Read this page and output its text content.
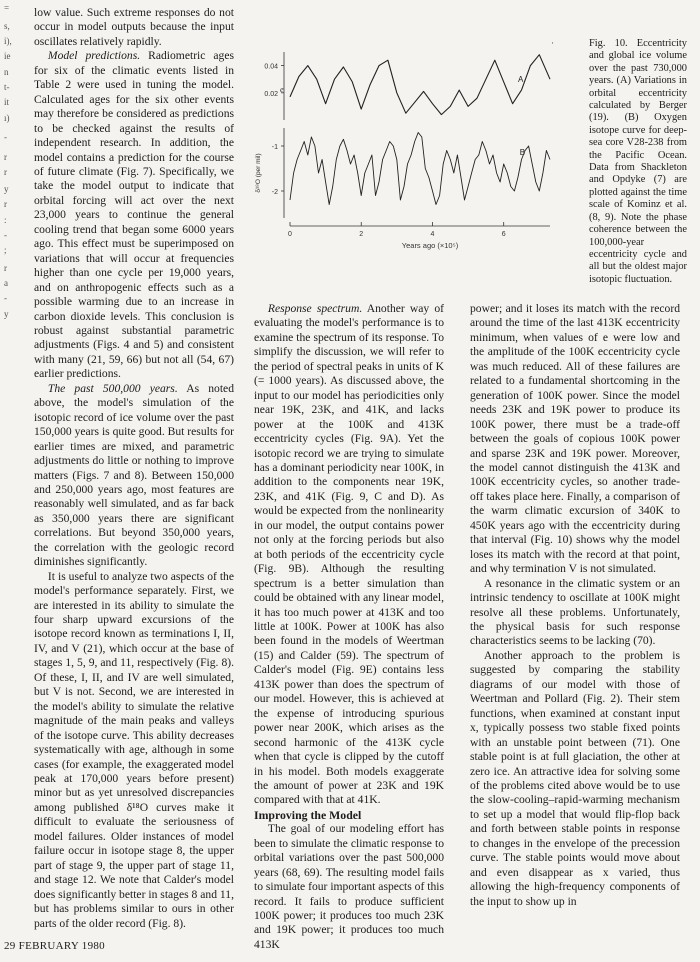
=
s,
i),
ie
n
t-
it
ı)
-
r
r
y
r
:
-
;
r
a
-
y

low value. Such extreme responses do not occur in model outputs because the input oscillates relatively rapidly.

Model predictions. Radiometric ages for six of the climatic events listed in Table 2 were used in tuning the model. Calculated ages for the six other events may therefore be considered as predictions to be checked against the results of independent research. In addition, the model contains a prediction for the course of future climate (Fig. 7). Specifically, we take the model output to indicate that orbital forcing will act over the next 23,000 years to continue the general cooling trend that began some 6000 years ago. This effect must be superimposed on variations that will occur at frequencies higher than one cycle per 19,000 years, and on anthropogenic effects such as a possible warming due to an increase in carbon dioxide levels. This conclusion is robust against substantial parametric adjustments (Figs. 4 and 5) and consistent with many (21, 59, 66) but not all (54, 67) earlier predictions.

The past 500,000 years. As noted above, the model's simulation of the isotopic record of ice volume over the past 150,000 years is quite good. But results for earlier times are mixed, and parametric adjustments do little or nothing to improve matters (Figs. 7 and 8). Between 150,000 and 250,000 years ago, most features are reasonably well simulated, and as far back as 350,000 years there are significant correlations. But beyond 350,000 years, the correlation with the geologic record diminishes significantly.

It is useful to analyze two aspects of the model's performance separately. First, we are interested in its ability to simulate the four sharp upward excursions of the isotope record known as terminations I, II, IV, and V (21), which occur at the base of stages 1, 5, 9, and 11, respectively (Fig. 8). Of these, I, II, and IV are well simulated, but V is not. Second, we are interested in the model's ability to simulate the relative magnitude of the main peaks and valleys of the isotope curve. This ability decreases systematically with age, although in some cases (for example, the exaggerated model peak at 170,000 years before present) minor but as yet unresolved discrepancies among published δ¹⁸O curves make it difficult to evaluate the seriousness of model failures. Older instances of model failure occur in isotope stage 8, the upper part of stage 9, the upper part of stage 11, and stage 12. We note that Calder's model does significantly better in stages 8 and 11, but has problems similar to ours in other parts of the older record (Fig. 8).

0.04
0.02
-2
-1
e
δ¹⁸O (per mil)
0	2	4	6
Years ago (×10⁵)
A
B

Fig. 10. Eccentricity and global ice volume over the past 730,000 years. (A) Variations in orbital eccentricity calculated by Berger (19). (B) Oxygen isotope curve for deep-sea core V28-238 from the Pacific Ocean. Data from Shackleton and Opdyke (7) are plotted against the time scale of Kominz et al. (8, 9). Note the phase coherence between the 100,000-year eccentricity cycle and all but the oldest major isotopic fluctuation.

·

Response spectrum. Another way of evaluating the model's performance is to examine the spectrum of its response. To simplify the discussion, we will refer to the period of spectral peaks in units of K (= 1000 years). As discussed above, the input to our model has periodicities only near 19K, 23K, and 41K, and lacks power at the 100K and 413K eccentricity cycles (Fig. 9A). Yet the isotopic record we are trying to simulate has a dominant periodicity near 100K, in addition to the components near 19K, 23K, and 41K (Fig. 9, C and D). As would be expected from the nonlinearity in our model, the output contains power not only at the forcing periods but also at both periods of the eccentricity cycle (Fig. 9B). Although the resulting spectrum is a better simulation than could be obtained with any linear model, it has too much power at 413K and too little at 100K. Power at 100K has also been found in the models of Weertman (15) and Calder (59). The spectrum of Calder's model (Fig. 9E) contains less 413K power than does the spectrum of our model. However, this is achieved at the expense of introducing spurious power near 200K, which arises as the second harmonic of the 413K cycle when that cycle is clipped by the cutoff in his model. Both models exaggerate the amount of power at 23K and 19K compared with that at 41K.

Improving the Model

The goal of our modeling effort has been to simulate the climatic response to orbital variations over the past 500,000 years (68, 69). The resulting model fails to simulate four important aspects of this record. It fails to produce sufficient 100K power; it produces too much 23K and 19K power; it produces too much 413K

power; and it loses its match with the record around the time of the last 413K eccentricity minimum, when values of e were low and the amplitude of the 100K eccentricity cycle was much reduced. All of these failures are related to a fundamental shortcoming in the generation of 100K power. Since the model needs 23K and 19K power to produce its 100K power, there must be a trade-off between the goals of copious 100K power and sparse 23K and 19K power. Moreover, the model cannot distinguish the 413K and 100K eccentricity cycles, so another trade-off takes place here. Finally, a comparison of the warm climatic excursion of 340K to 450K years ago with the eccentricity during that interval (Fig. 10) shows why the model loses its match with the record at that point, and why termination V is not simulated.

A resonance in the climatic system or an intrinsic tendency to oscillate at 100K might resolve all these problems. Unfortunately, the physical basis for such response characteristics seems to be lacking (70).

Another approach to the problem is suggested by comparing the stability diagrams of our model with those of Weertman and Pollard (Fig. 2). Their stem functions, when examined at constant input x, typically possess two stable fixed points with an unstable point between (71). One stable point is at full glaciation, the other at zero ice. An attractive idea for solving some of the problems cited above would be to use the slow-cooling–rapid-warming mechanism to set up a model that would flip-flop back and forth between stable points in response to changes in the envelope of the precession curve. The stable points would move about and even disappear as x varied, thus allowing the high-frequency components of the input to show up in

29 FEBRUARY 1980
